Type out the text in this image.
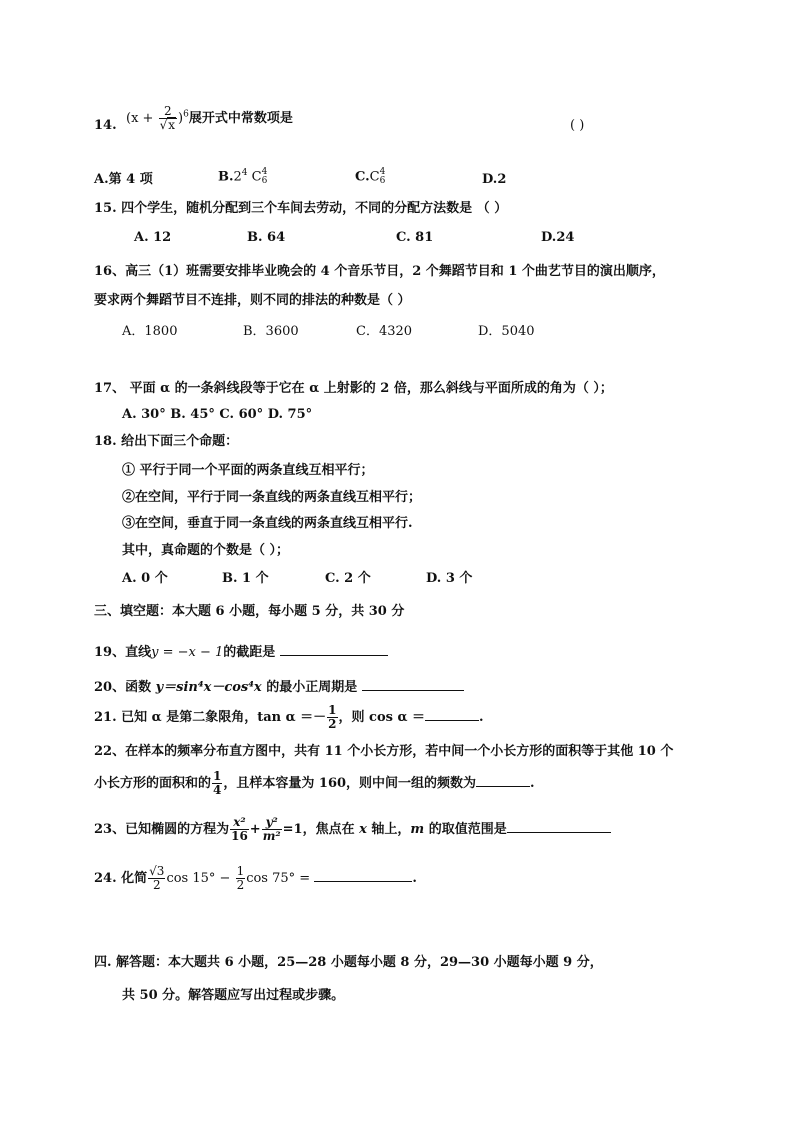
14. $(x + \frac{2}{√x} )^6$展开式中常数项是	( )
A.第 4 项	$B.2^4$ C 4
6	C.C 4
6	D.2
15. 四个学生，随机分配到三个车间去劳动，不同的分配方法数是 （ ）
A. 12	B. 64	C. 81	D.24
16、高三（1）班需要安排毕业晚会的 4 个音乐节目，2 个舞蹈节目和 1 个曲艺节目的演出顺序，
要求两个舞蹈节目不连排，则不同的排法的种数是（ ）
A．1800	B．3600	C．4320	D．5040
17、 平面 α 的一条斜线段等于它在 α 上射影的 2 倍，那么斜线与平面所成的角为（ ）；
A. 30° B. 45° C. 60° D. 75°
18. 给出下面三个命题：
① 平行于同一个平面的两条直线互相平行；
②在空间，平行于同一条直线的两条直线互相平行；
③在空间，垂直于同一条直线的两条直线互相平行.
其中，真命题的个数是（ ）；
A. 0 个	B. 1 个	C. 2 个	D. 3 个
三、填空题：本大题 6 小题，每小题 5 分，共 30 分
19、直线y = −x − 1的截距是
20、函数 y＝sin⁴x－cos⁴x 的最小正周期是
21. 已知 α 是第二象限角，$\tan \alpha =- \frac{1}{2}$ ，则 cos α ＝	.
22、在样本的频率分布直方图中，共有 11 个小长方形，若中间一个小长方形的面积等于其他 10 个
小长方形的面积和的 $\frac{1}{4}$ ，且样本容量为 160，则中间一组的频数为	.
23、已知椭圆的方程为 $\frac{\text{x²}}{16} + \frac{\text{y²}}{\text{m²}} =1$，焦点在 x 轴上，m 的取值范围是
24. 化简 $\frac{√3}{2}$ $\cos 15^\circ - \frac{1}{2}$ cos 75° =	.
四. 解答题：本大题共 6 小题，25—28 小题每小题 8 分，29—30 小题每小题 9 分，
共 50 分。解答题应写出过程或步骤。
